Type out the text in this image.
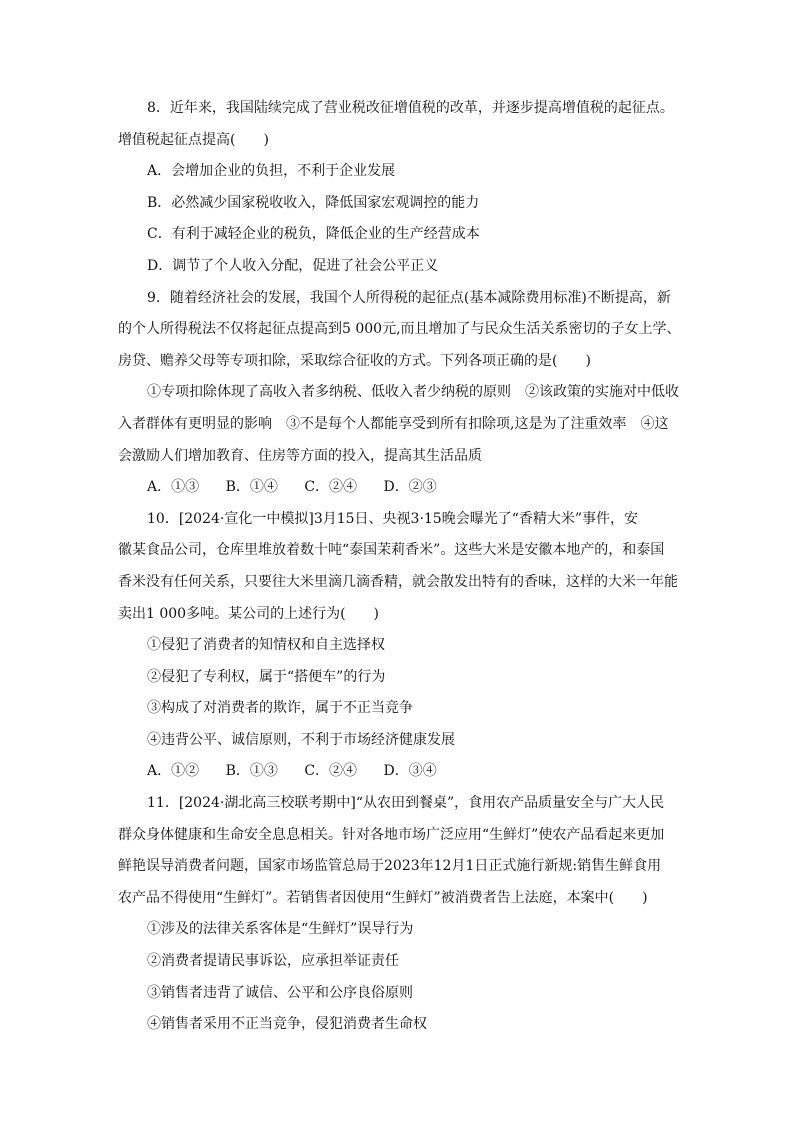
8．近年来，我国陆续完成了营业税改征增值税的改革，并逐步提高增值税的起征点。
增值税起征点提高(　　)
A．会增加企业的负担，不利于企业发展
B．必然减少国家税收收入，降低国家宏观调控的能力
C．有利于减轻企业的税负，降低企业的生产经营成本
D．调节了个人收入分配，促进了社会公平正义
9．随着经济社会的发展，我国个人所得税的起征点(基本减除费用标准)不断提高，新
的个人所得税法不仅将起征点提高到5 000元,而且增加了与民众生活关系密切的子女上学、
房贷、赡养父母等专项扣除，采取综合征收的方式。下列各项正确的是(　　)
①专项扣除体现了高收入者多纳税、低收入者少纳税的原则　②该政策的实施对中低收
入者群体有更明显的影响　③不是每个人都能享受到所有扣除项,这是为了注重效率　④这
会激励人们增加教育、住房等方面的投入，提高其生活品质
A．①③ B．①④ C．②④ D．②③
10．[2024·宣化一中模拟]3月15日、央视3·15晚会曝光了“香精大米”事件，安
徽某食品公司，仓库里堆放着数十吨“泰国茉莉香米”。这些大米是安徽本地产的，和泰国
香米没有任何关系，只要往大米里滴几滴香精，就会散发出特有的香味，这样的大米一年能
卖出1 000多吨。某公司的上述行为(　　)
①侵犯了消费者的知情权和自主选择权
②侵犯了专利权，属于“搭便车”的行为
③构成了对消费者的欺诈，属于不正当竞争
④违背公平、诚信原则，不利于市场经济健康发展
A．①② B．①③ C．②④ D．③④
11．[2024·湖北高三校联考期中]“从农田到餐桌”，食用农产品质量安全与广大人民
群众身体健康和生命安全息息相关。针对各地市场广泛应用“生鲜灯”使农产品看起来更加
鲜艳误导消费者问题，国家市场监管总局于2023年12月1日正式施行新规:销售生鲜食用
农产品不得使用“生鲜灯”。若销售者因使用“生鲜灯”被消费者告上法庭，本案中(　　)
①涉及的法律关系客体是“生鲜灯”误导行为
②消费者提请民事诉讼，应承担举证责任
③销售者违背了诚信、公平和公序良俗原则
④销售者采用不正当竞争，侵犯消费者生命权
